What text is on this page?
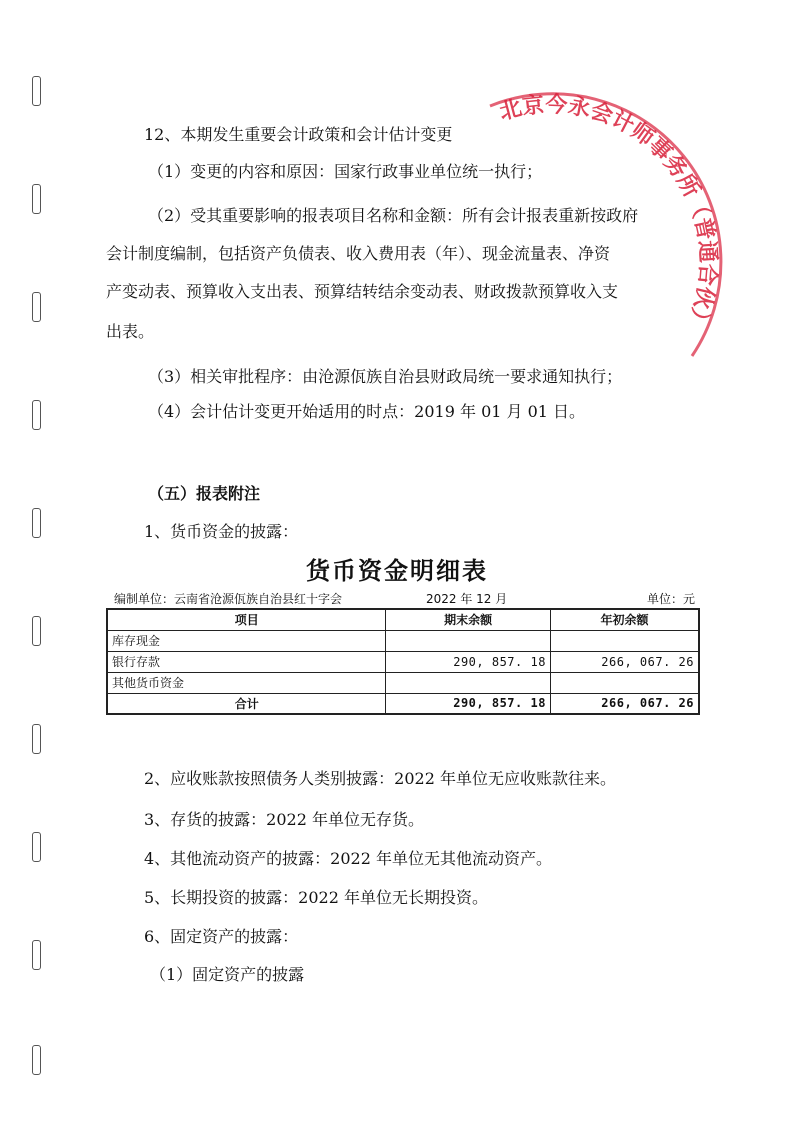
12、本期发生重要会计政策和会计估计变更
（1）变更的内容和原因：国家行政事业单位统一执行；
（2）受其重要影响的报表项目名称和金额：所有会计报表重新按政府
会计制度编制，包括资产负债表、收入费用表（年）、现金流量表、净资
产变动表、预算收入支出表、预算结转结余变动表、财政拨款预算收入支
出表。
（3）相关审批程序：由沧源佤族自治县财政局统一要求通知执行；
（4）会计估计变更开始适用的时点：2019 年 01 月 01 日。
（五）报表附注
1、货币资金的披露：
货币资金明细表
编制单位：云南省沧源佤族自治县红十字会	2022 年 12 月	单位：元
项目	期末余额	年初余额
库存现金		
银行存款	290, 857. 18	266, 067. 26
其他货币资金		
合计	290, 857. 18	266, 067. 26
2、应收账款按照债务人类别披露：2022 年单位无应收账款往来。
3、存货的披露：2022 年单位无存货。
4、其他流动资产的披露：2022 年单位无其他流动资产。
5、长期投资的披露：2022 年单位无长期投资。
6、固定资产的披露：
（1）固定资产的披露
北京今永会计师事务所（普通合伙）
